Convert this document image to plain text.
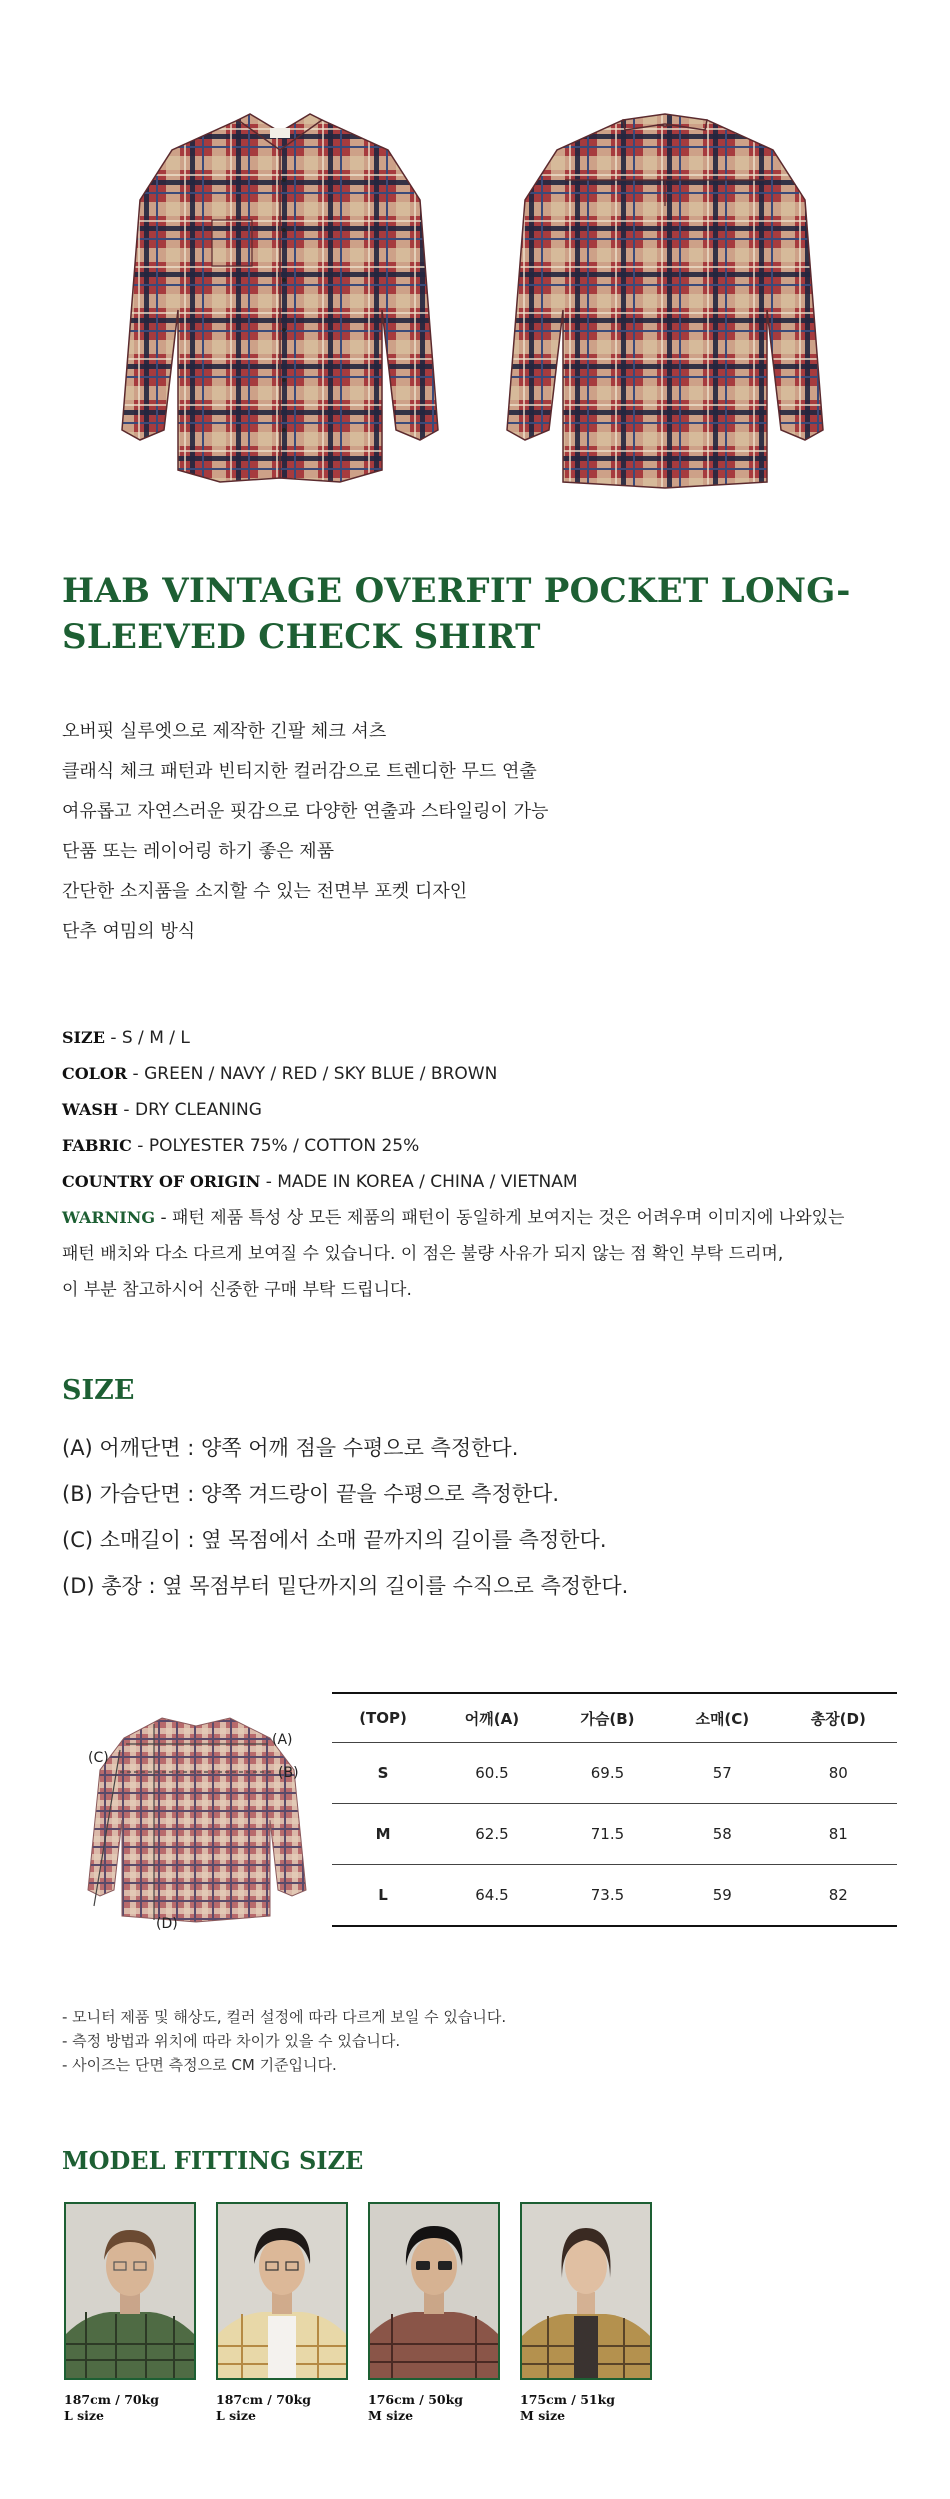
HAB VINTAGE OVERFIT POCKET LONG-SLEEVED CHECK SHIRT
오버핏 실루엣으로 제작한 긴팔 체크 셔츠
클래식 체크 패턴과 빈티지한 컬러감으로 트렌디한 무드 연출
여유롭고 자연스러운 핏감으로 다양한 연출과 스타일링이 가능
단품 또는 레이어링 하기 좋은 제품
간단한 소지품을 소지할 수 있는 전면부 포켓 디자인
단추 여밈의 방식
SIZE - S / M / L
COLOR - GREEN / NAVY / RED / SKY BLUE / BROWN
WASH - DRY CLEANING
FABRIC - POLYESTER 75% / COTTON 25%
COUNTRY OF ORIGIN - MADE IN KOREA / CHINA / VIETNAM
WARNING - 패턴 제품 특성 상 모든 제품의 패턴이 동일하게 보여지는 것은 어려우며 이미지에 나와있는
패턴 배치와 다소 다르게 보여질 수 있습니다. 이 점은 불량 사유가 되지 않는 점 확인 부탁 드리며,
이 부분 참고하시어 신중한 구매 부탁 드립니다.
SIZE
(A) 어깨단면 : 양쪽 어깨 점을 수평으로 측정한다.
(B) 가슴단면 : 양쪽 겨드랑이 끝을 수평으로 측정한다.
(C) 소매길이 : 옆 목점에서 소매 끝까지의 길이를 측정한다.
(D) 총장 : 옆 목점부터 밑단까지의 길이를 수직으로 측정한다.
(A)
(B)
(C)
(D)
(TOP)	어깨(A)	가슴(B)	소매(C)	총장(D)
S	60.5	69.5	57	80
M	62.5	71.5	58	81
L	64.5	73.5	59	82
- 모니터 제품 및 해상도, 컬러 설정에 따라 다르게 보일 수 있습니다.
- 측정 방법과 위치에 따라 차이가 있을 수 있습니다.
- 사이즈는 단면 측정으로 CM 기준입니다.
MODEL FITTING SIZE
187cm / 70kg
L size
187cm / 70kg
L size
176cm / 50kg
M size
175cm / 51kg
M size
